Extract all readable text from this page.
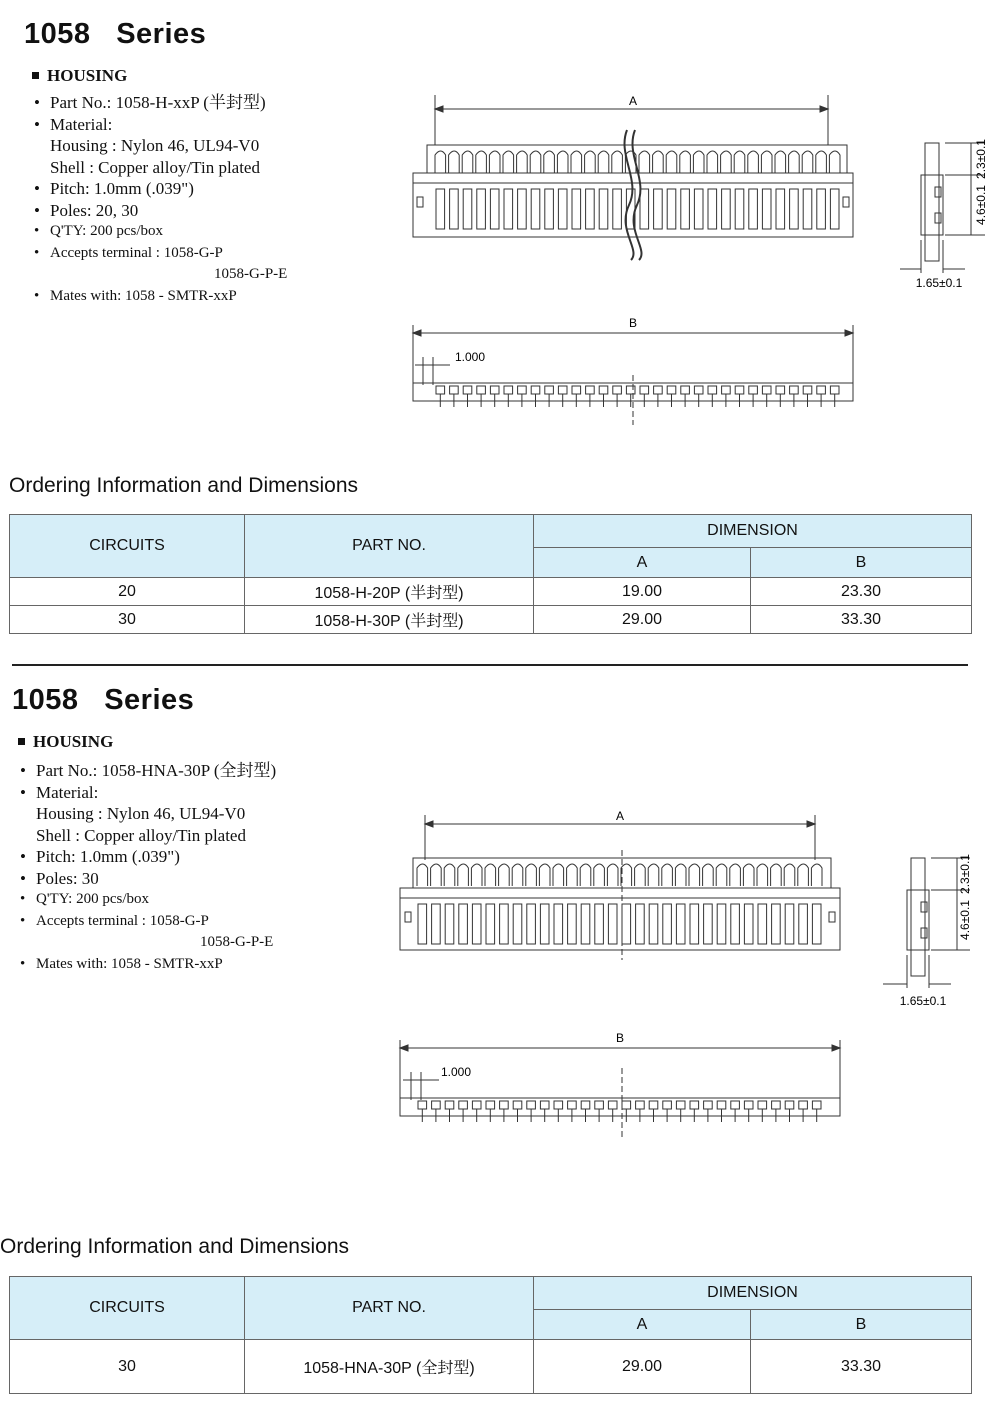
1058 Series
HOUSING
• Part No.: 1058-H-xxP (半封型)
• Material:
Housing : Nylon 46, UL94-V0
Shell : Copper alloy/Tin plated
• Pitch: 1.0mm (.039")
• Poles: 20, 30
• Q'TY: 200 pcs/box
• Accepts terminal : 1058-G-P
1058-G-P-E
• Mates with: 1058 - SMTR-xxP
A
B
1.000
1.65±0.1
2.3±0.1
4.6±0.1
Ordering Information and Dimensions
CIRCUITS	PART NO.	DIMENSION	
		A	B
20	1058-H-20P (半封型)	19.00	23.30
30	1058-H-30P (半封型)	29.00	33.30
1058 Series
HOUSING
• Part No.: 1058-HNA-30P (全封型)
• Material:
Housing : Nylon 46, UL94-V0
Shell : Copper alloy/Tin plated
• Pitch: 1.0mm (.039")
• Poles: 30
• Q'TY: 200 pcs/box
• Accepts terminal : 1058-G-P
1058-G-P-E
• Mates with: 1058 - SMTR-xxP
A
B
1.000
1.65±0.1
2.3±0.1
4.6±0.1
Ordering Information and Dimensions
CIRCUITS	PART NO.	DIMENSION	
		A	B
30	1058-HNA-30P (全封型)	29.00	33.30
